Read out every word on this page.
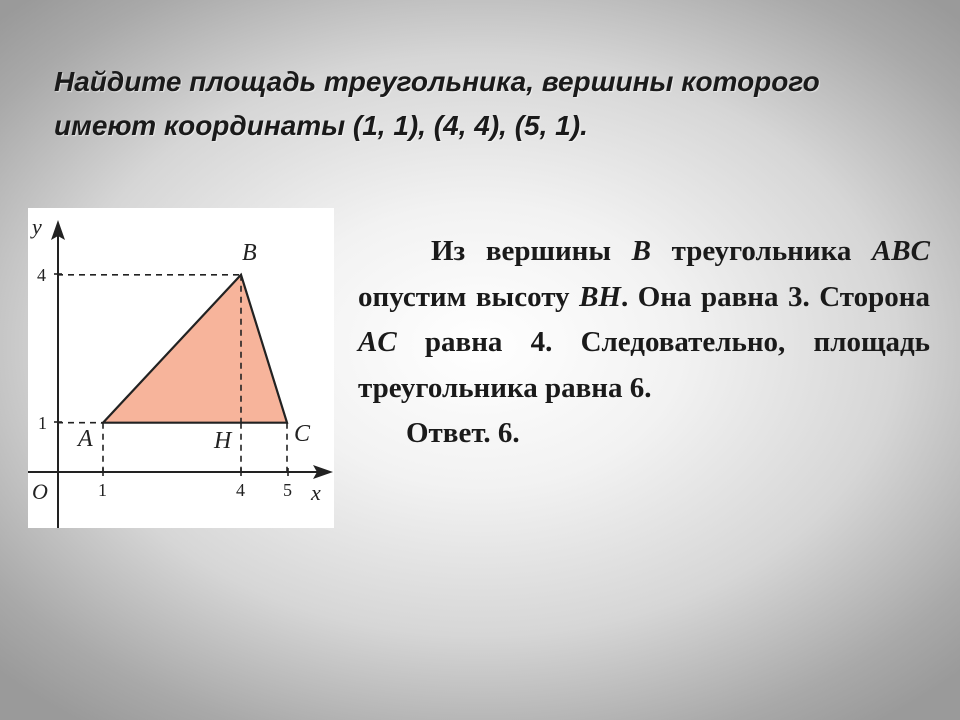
Найдите площадь треугольника, вершины которого имеют координаты (1, 1), (4, 4), (5, 1).

y
x
O
4
1
1	4 5
B
A	H	C

Из вершины B треугольника ABC опустим высоту BH. Она равна 3. Сторона AC равна 4. Следовательно, площадь треугольника равна 6.

Ответ. 6.
